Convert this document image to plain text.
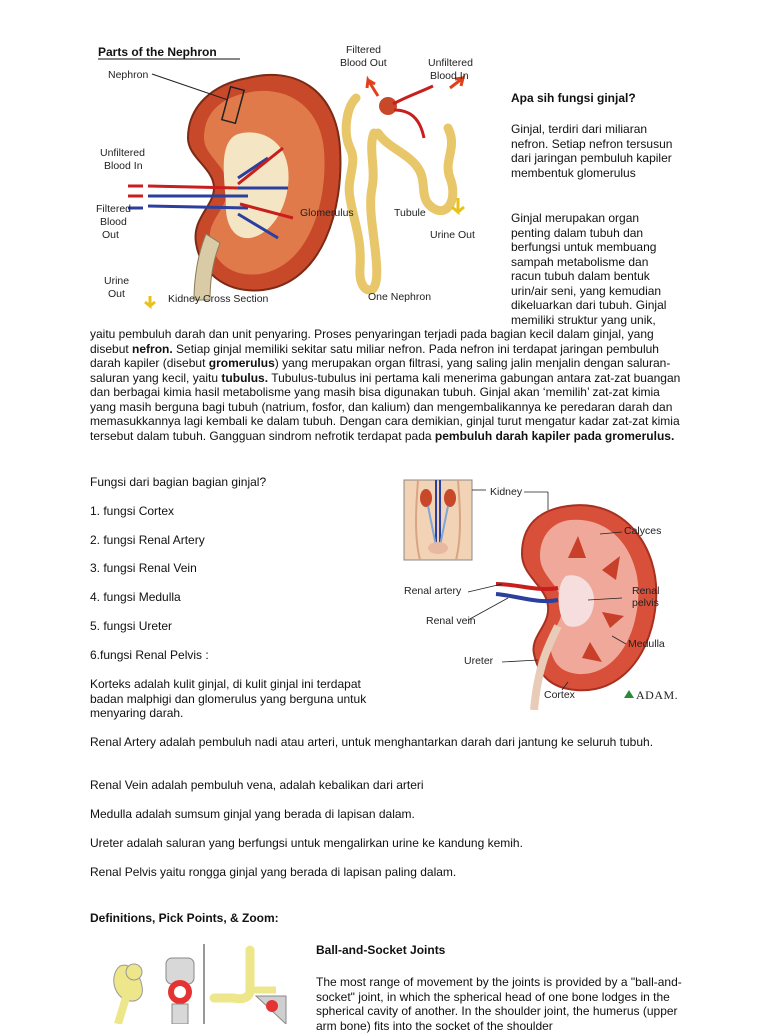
Parts of the Nephron
Nephron
Filtered Blood Out	Unfiltered Blood In
Unfiltered Blood In
Filtered Blood Out
Urine Out	Kidney Cross Section
Glomerulus	Tubule
Urine Out
One Nephron

Apa sih fungsi ginjal?

Ginjal, terdiri dari miliaran nefron. Setiap nefron tersusun dari jaringan pembuluh kapiler membentuk glomerulus

Ginjal merupakan organ penting dalam tubuh dan berfungsi untuk membuang sampah metabolisme dan racun tubuh dalam bentuk urin/air seni, yang kemudian dikeluarkan dari tubuh. Ginjal memiliki struktur yang unik,

yaitu pembuluh darah dan unit penyaring. Proses penyaringan terjadi pada bagian kecil dalam ginjal, yang disebut nefron. Setiap ginjal memiliki sekitar satu miliar nefron. Pada nefron ini terdapat jaringan pembuluh darah kapiler (disebut gromerulus) yang merupakan organ filtrasi, yang saling jalin menjalin dengan saluran-saluran yang kecil, yaitu tubulus. Tubulus-tubulus ini pertama kali menerima gabungan antara zat-zat buangan dan berbagai kimia hasil metabolisme yang masih bisa digunakan tubuh. Ginjal akan ‘memilih’ zat-zat kimia yang masih berguna bagi tubuh (natrium, fosfor, dan kalium) dan mengembalikannya ke peredaran darah dan memasukkannya lagi kembali ke dalam tubuh. Dengan cara demikian, ginjal turut mengatur kadar zat-zat kimia tersebut dalam tubuh. Gangguan sindrom nefrotik terdapat pada pembuluh darah kapiler pada gromerulus.

Fungsi dari bagian bagian ginjal?

1. fungsi Cortex

2. fungsi Renal Artery

3. fungsi Renal Vein

4. fungsi Medulla

5. fungsi Ureter

6.fungsi Renal Pelvis :

Korteks adalah kulit ginjal, di kulit ginjal ini terdapat badan malphigi dan glomerulus yang berguna untuk menyaring darah.

Kidney
Calyces
Renal artery	Renal pelvis
Renal vein
Medulla
Ureter
Cortex	ADAM.

Renal Artery adalah pembuluh nadi atau arteri, untuk menghantarkan darah dari jantung ke seluruh tubuh.

Renal Vein adalah pembuluh vena, adalah kebalikan dari arteri

Medulla adalah sumsum ginjal yang berada di lapisan dalam.

Ureter adalah saluran yang berfungsi untuk mengalirkan urine ke kandung kemih.

Renal Pelvis yaitu rongga ginjal yang berada di lapisan paling dalam.

Definitions, Pick Points, & Zoom:

Ball-and-Socket Joints

The most range of movement by the joints is provided by a "ball-and- socket" joint, in which the spherical head of one bone lodges in the spherical cavity of another. In the shoulder joint, the humerus (upper arm bone) fits into the socket of the shoulder
